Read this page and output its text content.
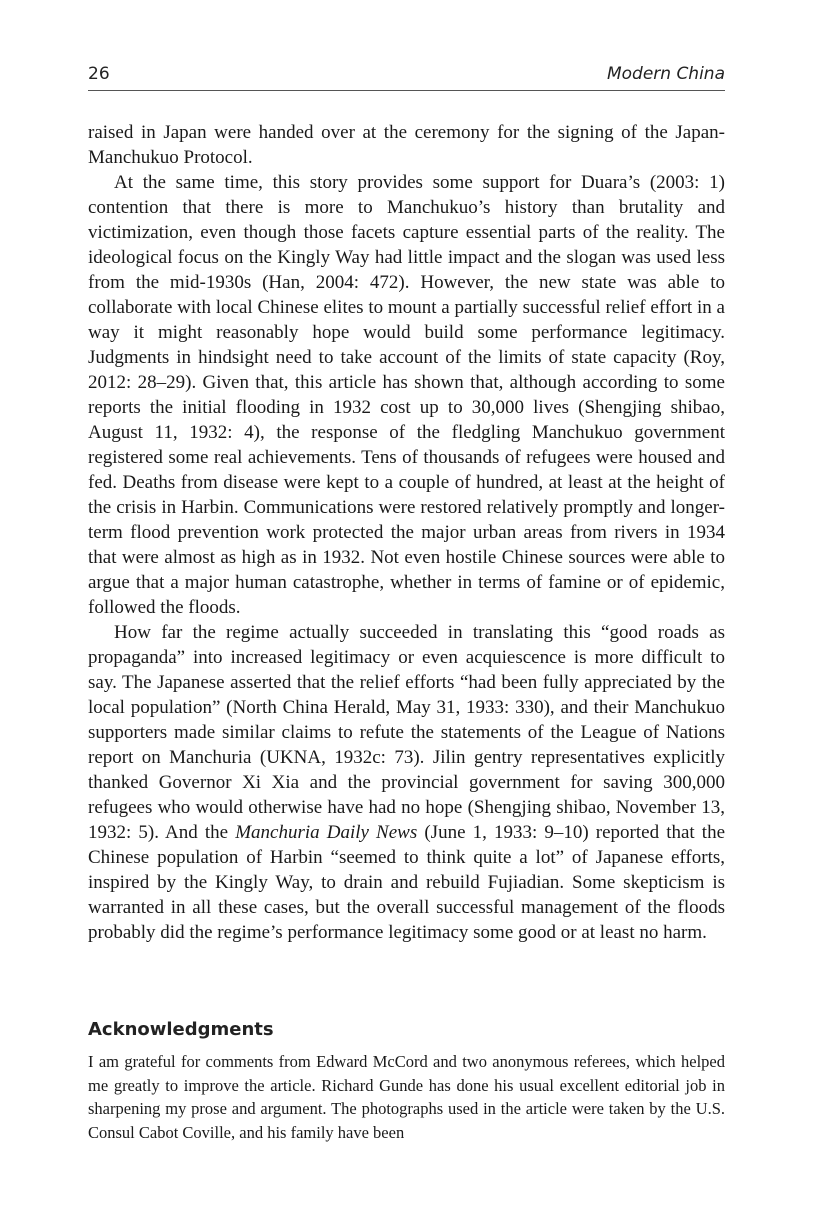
26	Modern China

raised in Japan were handed over at the ceremony for the signing of the Japan-Manchukuo Protocol.

At the same time, this story provides some support for Duara’s (2003: 1) contention that there is more to Manchukuo’s history than brutality and victimization, even though those facets capture essential parts of the reality. The ideological focus on the Kingly Way had little impact and the slogan was used less from the mid-1930s (Han, 2004: 472). However, the new state was able to collaborate with local Chinese elites to mount a partially successful relief effort in a way it might reasonably hope would build some performance legitimacy. Judgments in hindsight need to take account of the limits of state capacity (Roy, 2012: 28–29). Given that, this article has shown that, although according to some reports the initial flooding in 1932 cost up to 30,000 lives (Shengjing shibao, August 11, 1932: 4), the response of the fledgling Manchukuo government registered some real achievements. Tens of thousands of refugees were housed and fed. Deaths from disease were kept to a couple of hundred, at least at the height of the crisis in Harbin. Communications were restored relatively promptly and longer-term flood prevention work protected the major urban areas from rivers in 1934 that were almost as high as in 1932. Not even hostile Chinese sources were able to argue that a major human catastrophe, whether in terms of famine or of epidemic, followed the floods.

How far the regime actually succeeded in translating this “good roads as propaganda” into increased legitimacy or even acquiescence is more difficult to say. The Japanese asserted that the relief efforts “had been fully appreciated by the local population” (North China Herald, May 31, 1933: 330), and their Manchukuo supporters made similar claims to refute the statements of the League of Nations report on Manchuria (UKNA, 1932c: 73). Jilin gentry representatives explicitly thanked Governor Xi Xia and the provincial government for saving 300,000 refugees who would otherwise have had no hope (Shengjing shibao, November 13, 1932: 5). And the Manchuria Daily News (June 1, 1933: 9–10) reported that the Chinese population of Harbin “seemed to think quite a lot” of Japanese efforts, inspired by the Kingly Way, to drain and rebuild Fujiadian. Some skepticism is warranted in all these cases, but the overall successful management of the floods probably did the regime’s performance legitimacy some good or at least no harm.

Acknowledgments

I am grateful for comments from Edward McCord and two anonymous referees, which helped me greatly to improve the article. Richard Gunde has done his usual excellent editorial job in sharpening my prose and argument. The photographs used in the article were taken by the U.S. Consul Cabot Coville, and his family have been
